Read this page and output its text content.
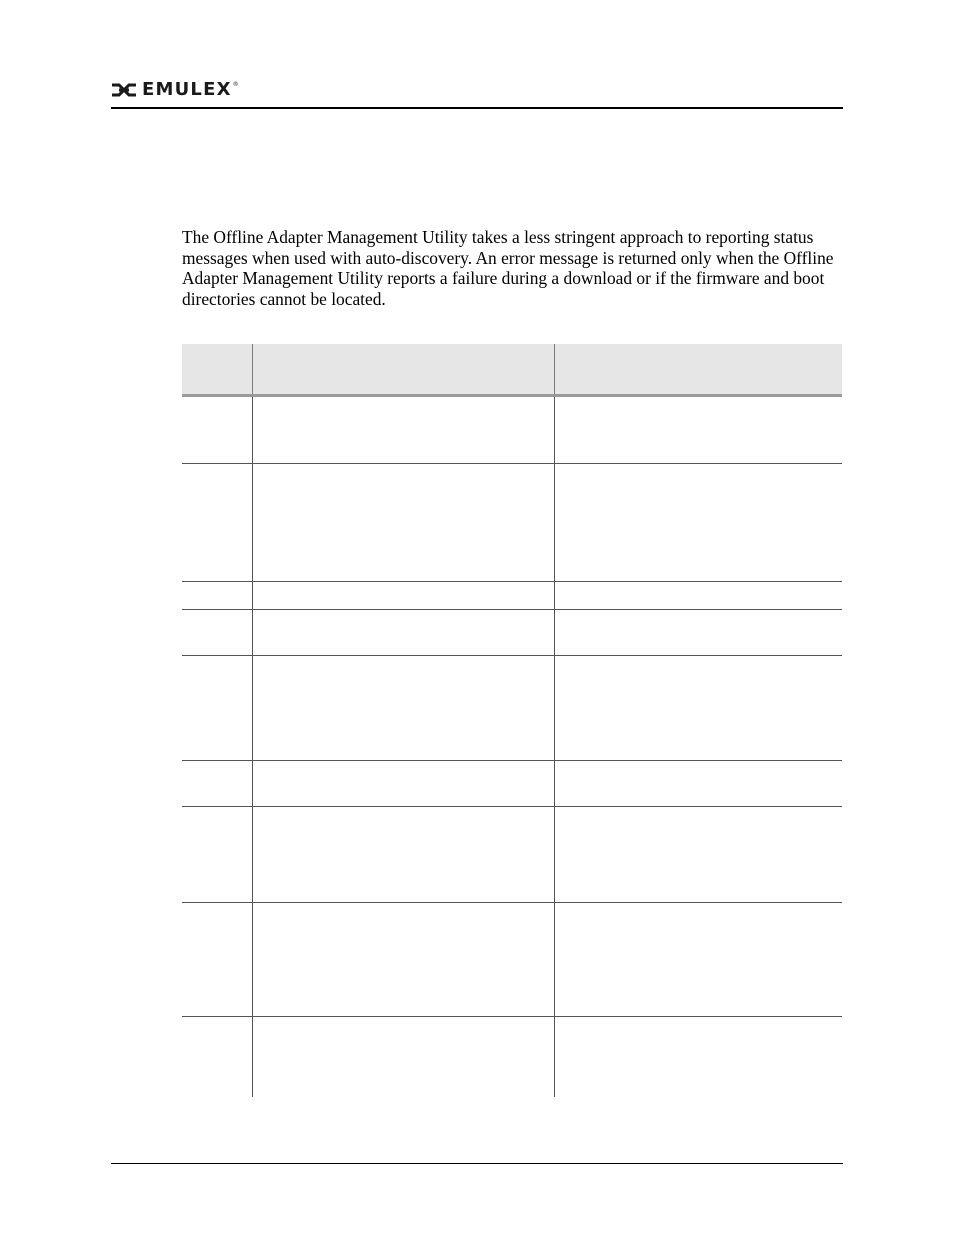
EMULEX ®

The Offline Adapter Management Utility takes a less stringent approach to reporting status messages when used with auto-discovery. An error message is returned only when the Offline Adapter Management Utility reports a failure during a download or if the firmware and boot directories cannot be located.
